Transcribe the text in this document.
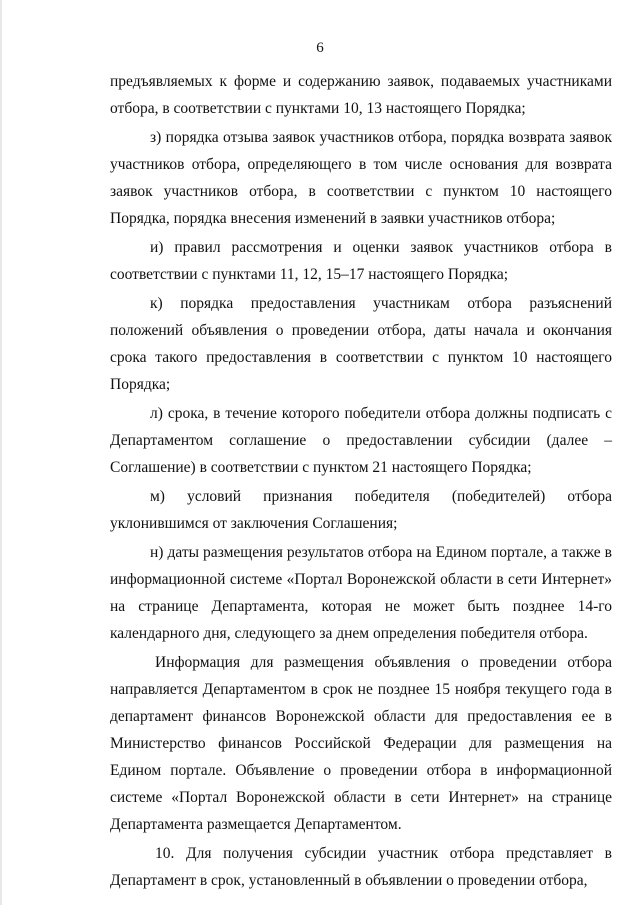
6

предъявляемых к форме и содержанию заявок, подаваемых участниками отбора, в соответствии с пунктами 10, 13 настоящего Порядка;

з) порядка отзыва заявок участников отбора, порядка возврата заявок участников отбора, определяющего в том числе основания для возврата заявок участников отбора, в соответствии с пунктом 10 настоящего Порядка, порядка внесения изменений в заявки участников отбора;

и) правил рассмотрения и оценки заявок участников отбора в соответствии с пунктами 11, 12, 15–17 настоящего Порядка;

к) порядка предоставления участникам отбора разъяснений положений объявления о проведении отбора, даты начала и окончания срока такого предоставления в соответствии с пунктом 10 настоящего Порядка;

л) срока, в течение которого победители отбора должны подписать с Департаментом соглашение о предоставлении субсидии (далее – Соглашение) в соответствии с пунктом 21 настоящего Порядка;

м) условий признания победителя (победителей) отбора уклонившимся от заключения Соглашения;

н) даты размещения результатов отбора на Едином портале, а также в информационной системе «Портал Воронежской области в сети Интернет» на странице Департамента, которая не может быть позднее 14-го календарного дня, следующего за днем определения победителя отбора.

Информация для размещения объявления о проведении отбора направляется Департаментом в срок не позднее 15 ноября текущего года в департамент финансов Воронежской области для предоставления ее в Министерство финансов Российской Федерации для размещения на Едином портале. Объявление о проведении отбора в информационной системе «Портал Воронежской области в сети Интернет» на странице Департамента размещается Департаментом.

10. Для получения субсидии участник отбора представляет в Департамент в срок, установленный в объявлении о проведении отбора,
